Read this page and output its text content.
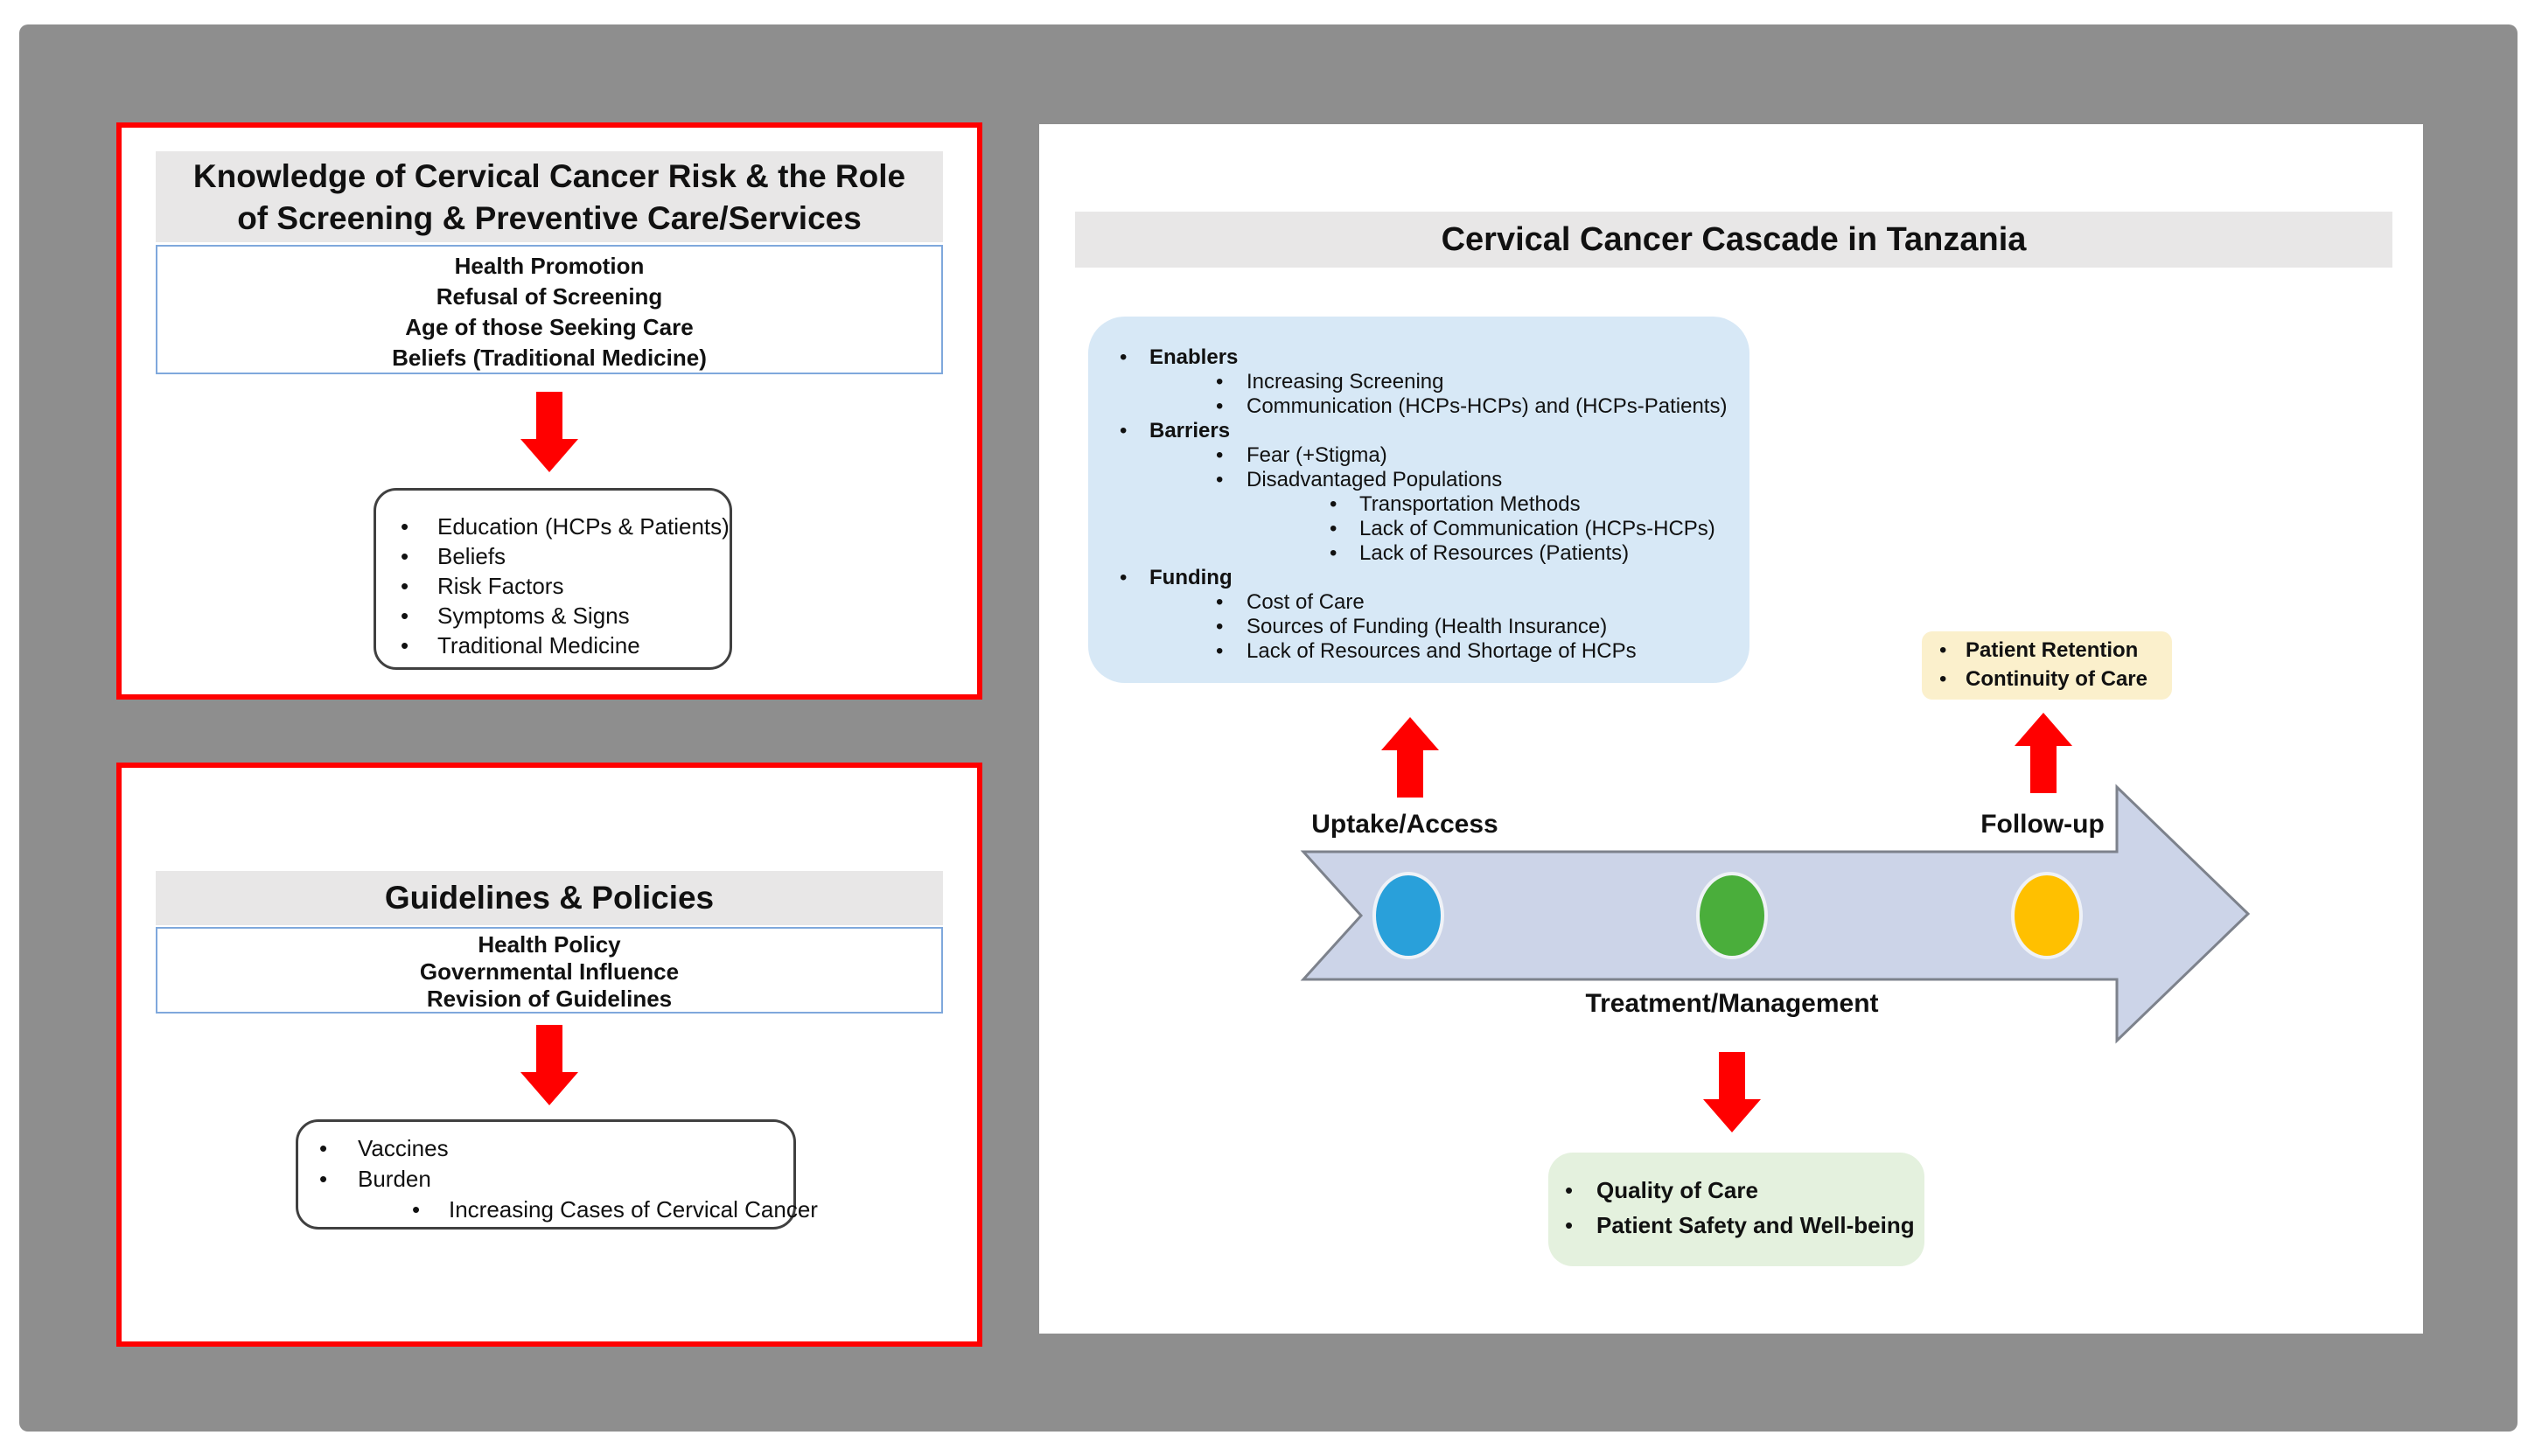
Knowledge of Cervical Cancer Risk & the Role
of Screening & Preventive Care/Services
Health Promotion
Refusal of Screening
Age of those Seeking Care
Beliefs (Traditional Medicine)
•
Education (HCPs & Patients)
•
Beliefs
•
Risk Factors
•
Symptoms & Signs
•
Traditional Medicine
Guidelines & Policies
Health Policy
Governmental Influence
Revision of Guidelines
•
Vaccines
•
Burden
•
Increasing Cases of Cervical Cancer
Cervical Cancer Cascade in Tanzania
•
Enablers
•
Increasing Screening
•
Communication (HCPs-HCPs) and (HCPs-Patients)
•
Barriers
•
Fear (+Stigma)
•
Disadvantaged Populations
•
Transportation Methods
•
Lack of Communication (HCPs-HCPs)
•
Lack of Resources (Patients)
•
Funding
•
Cost of Care
•
Sources of Funding (Health Insurance)
•
Lack of Resources and Shortage of HCPs •	Patient Retention
•
Continuity of Care
Uptake/Access	Follow-up
Treatment/Management
•
Quality of Care
•
Patient Safety and Well-being
